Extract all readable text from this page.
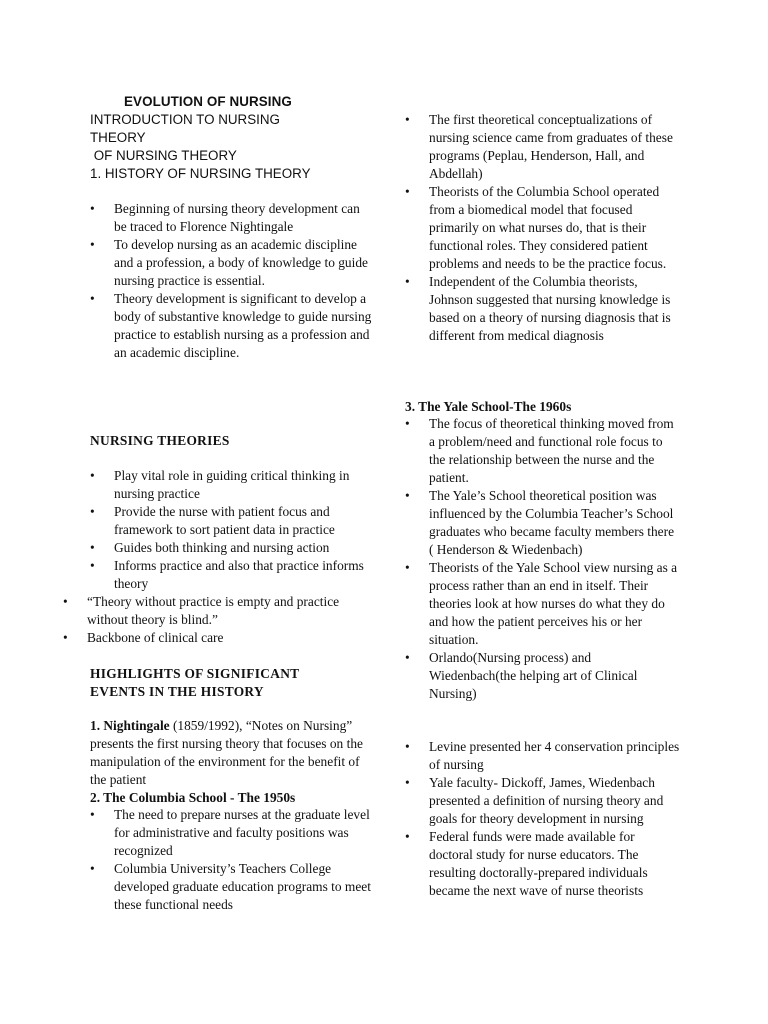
EVOLUTION OF NURSING
INTRODUCTION TO NURSING
THEORY
OF NURSING THEORY
1. HISTORY OF NURSING THEORY
• Beginning of nursing theory development can be traced to Florence Nightingale
• To develop nursing as an academic discipline and a profession, a body of knowledge to guide nursing practice is essential.
• Theory development is significant to develop a body of substantive knowledge to guide nursing practice to establish nursing as a profession and an academic discipline.
NURSING THEORIES
• Play vital role in guiding critical thinking in nursing practice
• Provide the nurse with patient focus and framework to sort patient data in practice
• Guides both thinking and nursing action
• Informs practice and also that practice informs theory
• “Theory without practice is empty and practice without theory is blind.”
• Backbone of clinical care
HIGHLIGHTS OF SIGNIFICANT
EVENTS IN THE HISTORY
1. Nightingale (1859/1992), “Notes on Nursing” presents the first nursing theory that focuses on the manipulation of the environment for the benefit of the patient
2. The Columbia School - The 1950s
• The need to prepare nurses at the graduate level for administrative and faculty positions was recognized
• Columbia University’s Teachers College developed graduate education programs to meet these functional needs
• The first theoretical conceptualizations of nursing science came from graduates of these programs (Peplau, Henderson, Hall, and Abdellah)
• Theorists of the Columbia School operated from a biomedical model that focused primarily on what nurses do, that is their functional roles. They considered patient problems and needs to be the practice focus.
• Independent of the Columbia theorists, Johnson suggested that nursing knowledge is based on a theory of nursing diagnosis that is different from medical diagnosis
3. The Yale School-The 1960s
• The focus of theoretical thinking moved from a problem/need and functional role focus to the relationship between the nurse and the patient.
• The Yale’s School theoretical position was influenced by the Columbia Teacher’s School graduates who became faculty members there ( Henderson & Wiedenbach)
• Theorists of the Yale School view nursing as a process rather than an end in itself. Their theories look at how nurses do what they do and how the patient perceives his or her situation.
• Orlando(Nursing process) and Wiedenbach(the helping art of Clinical Nursing)
• Levine presented her 4 conservation principles of nursing
• Yale faculty- Dickoff, James, Wiedenbach presented a definition of nursing theory and goals for theory development in nursing
• Federal funds were made available for doctoral study for nurse educators. The resulting doctorally-prepared individuals became the next wave of nurse theorists
